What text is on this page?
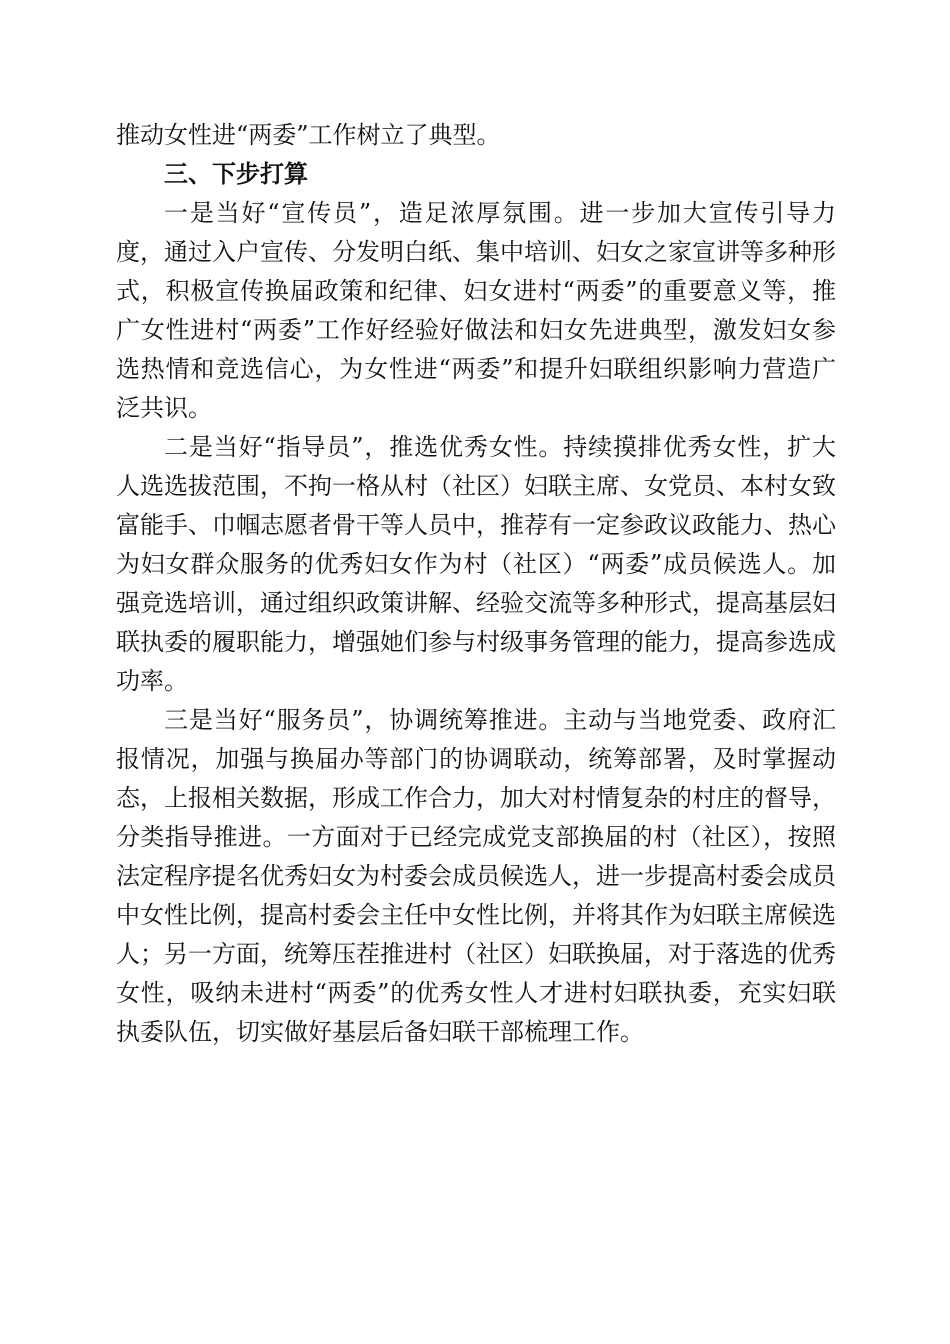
推动女性进“两委”工作树立了典型。

三、下步打算

一是当好“宣传员”，造足浓厚氛围。进一步加大宣传引导力度，通过入户宣传、分发明白纸、集中培训、妇女之家宣讲等多种形式，积极宣传换届政策和纪律、妇女进村“两委”的重要意义等，推广女性进村“两委”工作好经验好做法和妇女先进典型，激发妇女参选热情和竞选信心，为女性进“两委”和提升妇联组织影响力营造广泛共识。

二是当好“指导员”，推选优秀女性。持续摸排优秀女性，扩大人选选拔范围，不拘一格从村（社区）妇联主席、女党员、本村女致富能手、巾帼志愿者骨干等人员中，推荐有一定参政议政能力、热心为妇女群众服务的优秀妇女作为村（社区）“两委”成员候选人。加强竞选培训，通过组织政策讲解、经验交流等多种形式，提高基层妇联执委的履职能力，增强她们参与村级事务管理的能力，提高参选成功率。

三是当好“服务员”，协调统筹推进。主动与当地党委、政府汇报情况，加强与换届办等部门的协调联动，统筹部署，及时掌握动态，上报相关数据，形成工作合力，加大对村情复杂的村庄的督导，分类指导推进。一方面对于已经完成党支部换届的村（社区），按照法定程序提名优秀妇女为村委会成员候选人，进一步提高村委会成员中女性比例，提高村委会主任中女性比例，并将其作为妇联主席候选人；另一方面，统筹压茬推进村（社区）妇联换届，对于落选的优秀女性，吸纳未进村“两委”的优秀女性人才进村妇联执委，充实妇联执委队伍，切实做好基层后备妇联干部梳理工作。
